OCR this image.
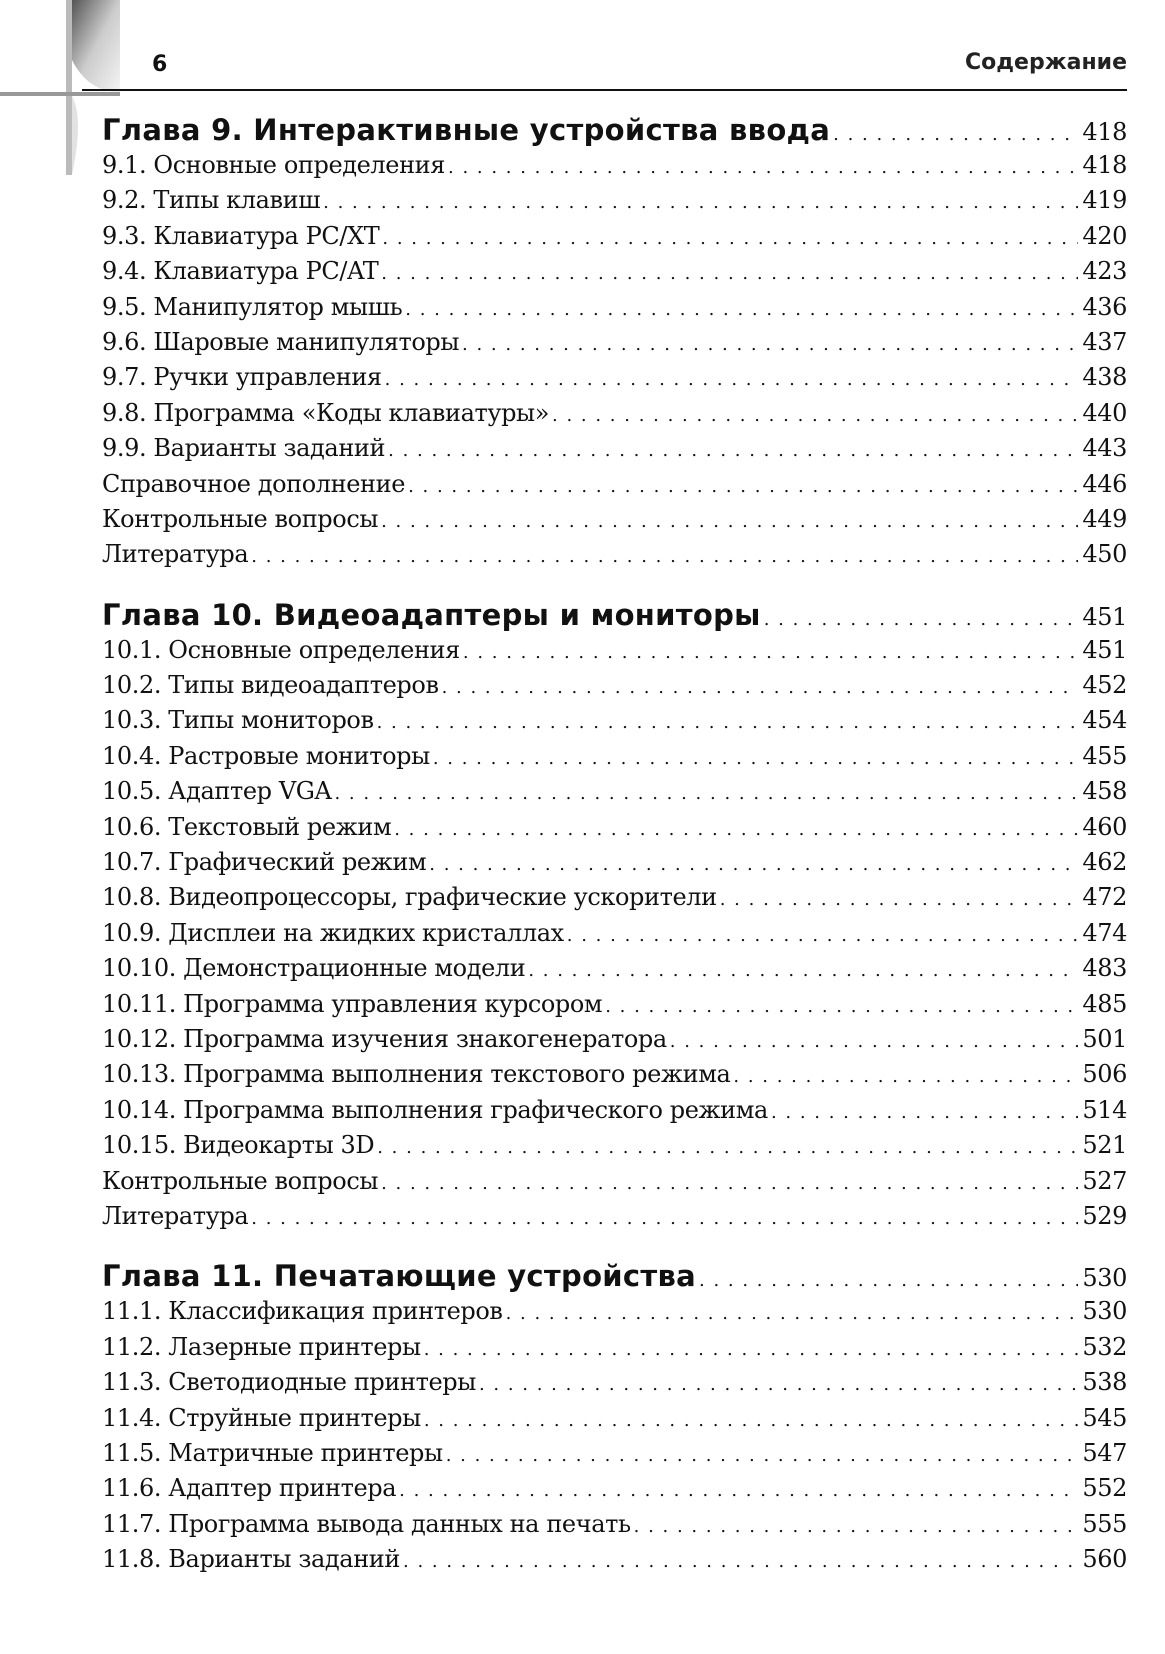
6	Содержание
Глава 9. Интерактивные устройства ввода . . .	418
9.1. Основные определения . . .	418
9.2. Типы клавиш . . .	419
9.3. Клавиатура PC/XT . . .	420
9.4. Клавиатура PC/AT . . .	423
9.5. Манипулятор мышь . . .	436
9.6. Шаровые манипуляторы . . .	437
9.7. Ручки управления . . .	438
9.8. Программа «Коды клавиатуры» . . .	440
9.9. Варианты заданий . . .	443
Справочное дополнение . . .	446
Контрольные вопросы . . .	449
Литература . . .	450
Глава 10. Видеоадаптеры и мониторы . . .	451
10.1. Основные определения . . .	451
10.2. Типы видеоадаптеров . . .	452
10.3. Типы мониторов . . .	454
10.4. Растровые мониторы . . .	455
10.5. Адаптер VGA . . .	458
10.6. Текстовый режим . . .	460
10.7. Графический режим . . .	462
10.8. Видеопроцессоры, графические ускорители . . .	472
10.9. Дисплеи на жидких кристаллах . . .	474
10.10. Демонстрационные модели . . .	483
10.11. Программа управления курсором . . .	485
10.12. Программа изучения знакогенератора . . .	501
10.13. Программа выполнения текстового режима . . .	506
10.14. Программа выполнения графического режима . . .	514
10.15. Видеокарты 3D . . .	521
Контрольные вопросы . . .	527
Литература . . .	529
Глава 11. Печатающие устройства . . .	530
11.1. Классификация принтеров . . .	530
11.2. Лазерные принтеры . . .	532
11.3. Светодиодные принтеры . . .	538
11.4. Струйные принтеры . . .	545
11.5. Матричные принтеры . . .	547
11.6. Адаптер принтера . . .	552
11.7. Программа вывода данных на печать . . .	555
11.8. Варианты заданий . . .	560
